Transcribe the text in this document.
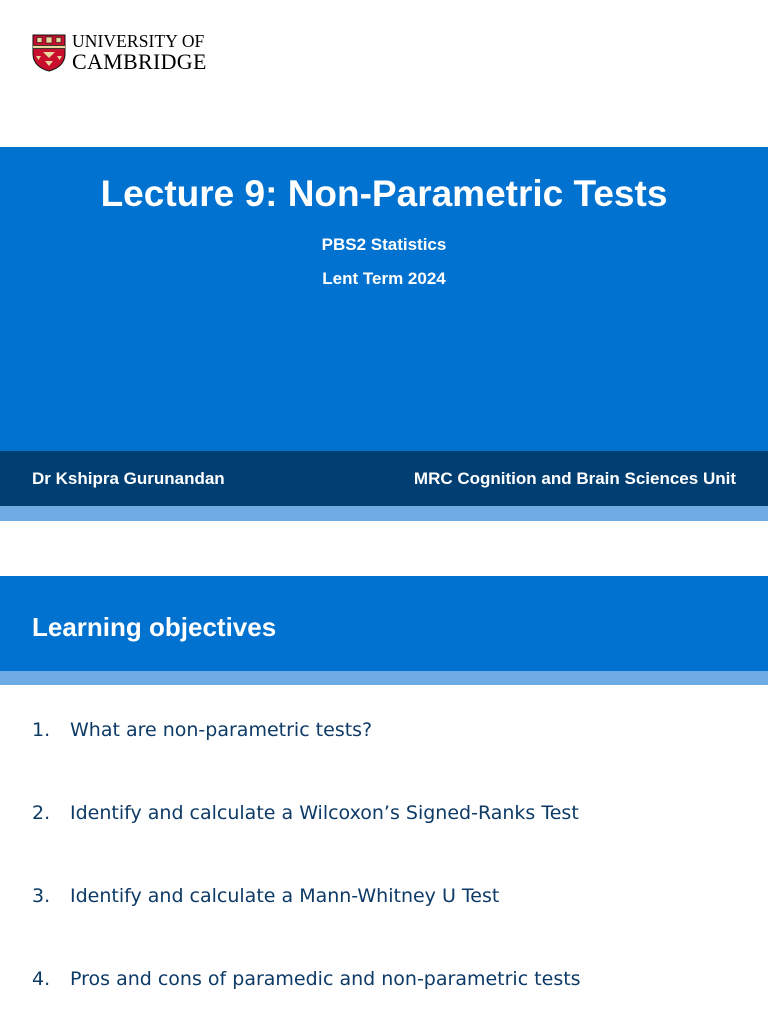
UNIVERSITY OF
CAMBRIDGE
Lecture 9: Non-Parametric Tests
PBS2 Statistics
Lent Term 2024
Dr Kshipra Gurunandan	MRC Cognition and Brain Sciences Unit
Learning objectives
1.	What are non-parametric tests?
2.	Identify and calculate a Wilcoxon’s Signed-Ranks Test
3.	Identify and calculate a Mann-Whitney U Test
4.	Pros and cons of paramedic and non-parametric tests
